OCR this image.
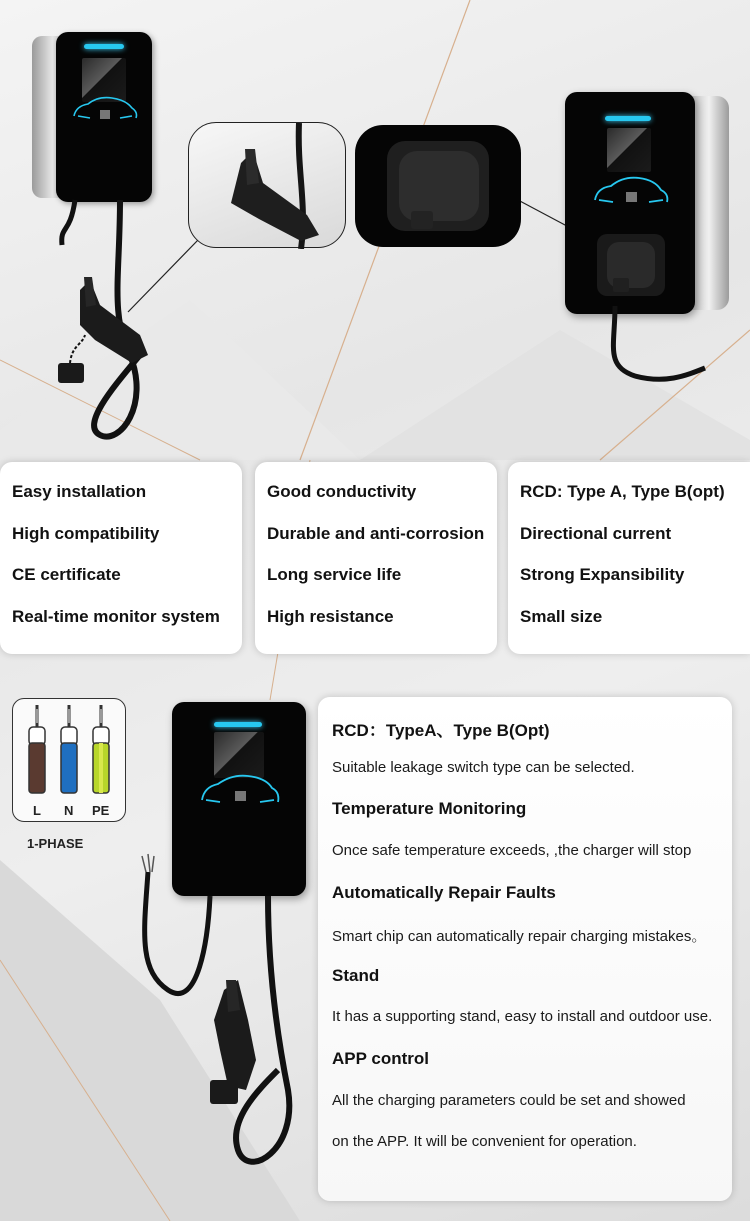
Easy installation
High compatibility
CE certificate
Real-time monitor system
Good conductivity
Durable and anti-corrosion
Long service life
High resistance
RCD: Type A, Type B(opt)
Directional current
Strong Expansibility
Small size
L N PE
1-PHASE
RCD：TypeA、Type B(Opt)
Suitable leakage switch type can be selected.
Temperature Monitoring
Once safe temperature exceeds, ,the charger will stop
Automatically Repair Faults
Smart chip can automatically repair charging mistakes。
Stand
It has a supporting stand, easy to install and outdoor use.
APP control
All the charging parameters could be set and showed
on the APP. It will be convenient for operation.
